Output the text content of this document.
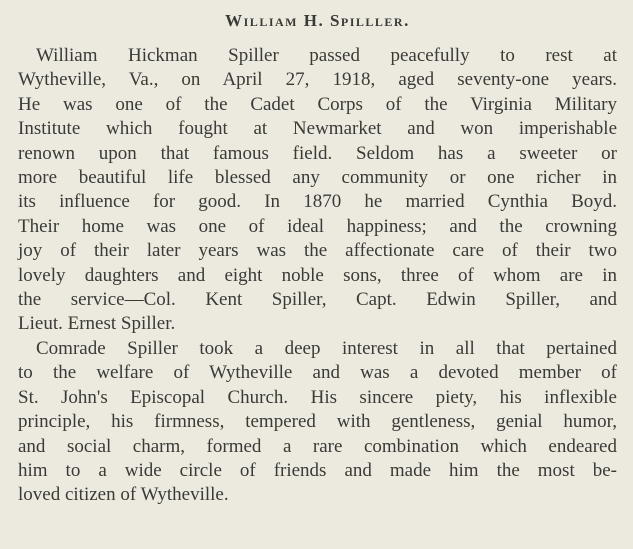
William H. Spilller.
William Hickman Spiller passed peacefully to rest at
Wytheville, Va., on April 27, 1918, aged seventy-one years.
He was one of the Cadet Corps of the Virginia Military
Institute which fought at Newmarket and won imperishable
renown upon that famous field. Seldom has a sweeter or
more beautiful life blessed any community or one richer in
its influence for good. In 1870 he married Cynthia Boyd.
Their home was one of ideal happiness; and the crowning
joy of their later years was the affectionate care of their two
lovely daughters and eight noble sons, three of whom are in
the service—Col. Kent Spiller, Capt. Edwin Spiller, and
Lieut. Ernest Spiller.
Comrade Spiller took a deep interest in all that pertained
to the welfare of Wytheville and was a devoted member of
St. John's Episcopal Church. His sincere piety, his inflexible
principle, his firmness, tempered with gentleness, genial humor,
and social charm, formed a rare combination which endeared
him to a wide circle of friends and made him the most be-
loved citizen of Wytheville.
